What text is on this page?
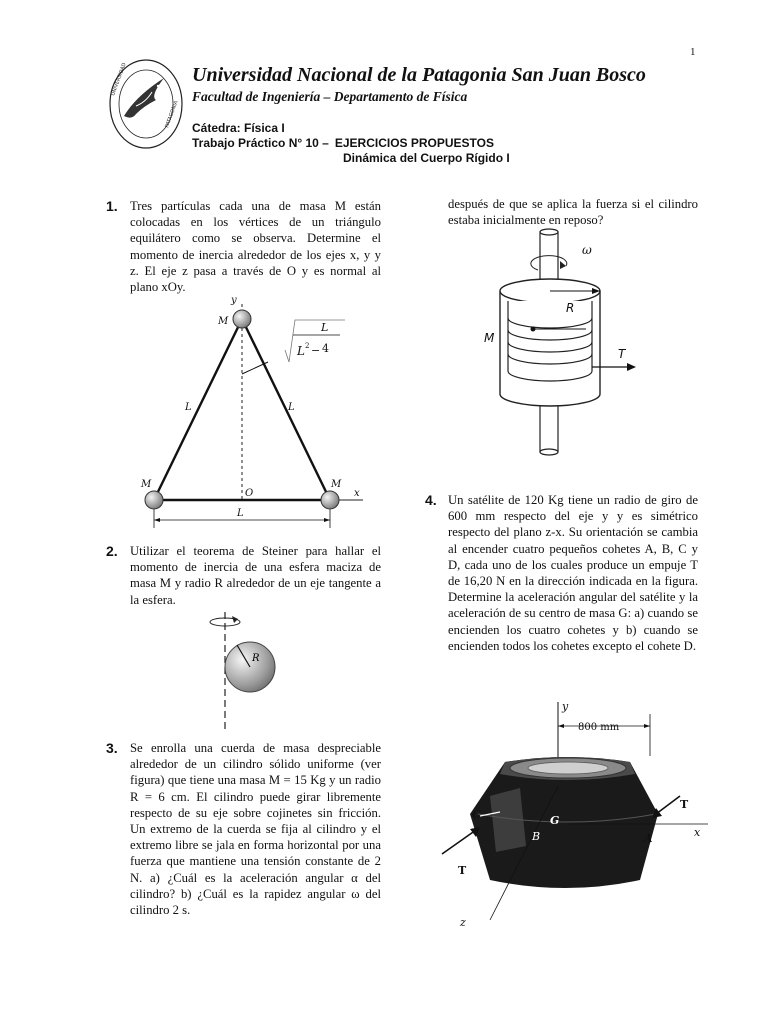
1
UNIVERSIDAD
PATAGONIA
Universidad Nacional de la Patagonia San Juan Bosco
Facultad de Ingeniería – Departamento de Física
Cátedra: Física I
Trabajo Práctico N° 10 – EJERCICIOS PROPUESTOS
Dinámica del Cuerpo Rígido I
1. Tres partículas cada una de masa M están colocadas en los vértices de un triángulo equilátero como se observa. Determine el momento de inercia alrededor de los ejes x, y y z. El eje z pasa a través de O y es normal al plano xOy.
y
M
L	L
M	M
O	x
L
L 2 −
L
4
2. Utilizar el teorema de Steiner para hallar el momento de inercia de una esfera maciza de masa M y radio R alrededor de un eje tangente a la esfera.
R
3. Se enrolla una cuerda de masa despreciable alrededor de un cilindro sólido uniforme (ver figura) que tiene una masa M = 15 Kg y un radio R = 6 cm. El cilindro puede girar libremente respecto de su eje sobre cojinetes sin fricción. Un extremo de la cuerda se fija al cilindro y el extremo libre se jala en forma horizontal por una fuerza que mantiene una tensión constante de 2 N. a) ¿Cuál es la aceleración angular α del cilindro? b) ¿Cuál es la rapidez angular ω del cilindro 2 s.
después de que se aplica la fuerza si el cilindro estaba inicialmente en reposo?
ω
R
M
T
4. Un satélite de 120 Kg tiene un radio de giro de 600 mm respecto del eje y y es simétrico respecto del plano z-x. Su orientación se cambia al encender cuatro pequeños cohetes A, B, C y D, cada uno de los cuales produce un empuje T de 16,20 N en la dirección indicada en la figura. Determine la aceleración angular del satélite y la aceleración de su centro de masa G: a) cuando se encienden los cuatro cohetes y b) cuando se encienden todos los cohetes excepto el cohete D.
y
800 mm
C
B
G
A	x
T
T
z
